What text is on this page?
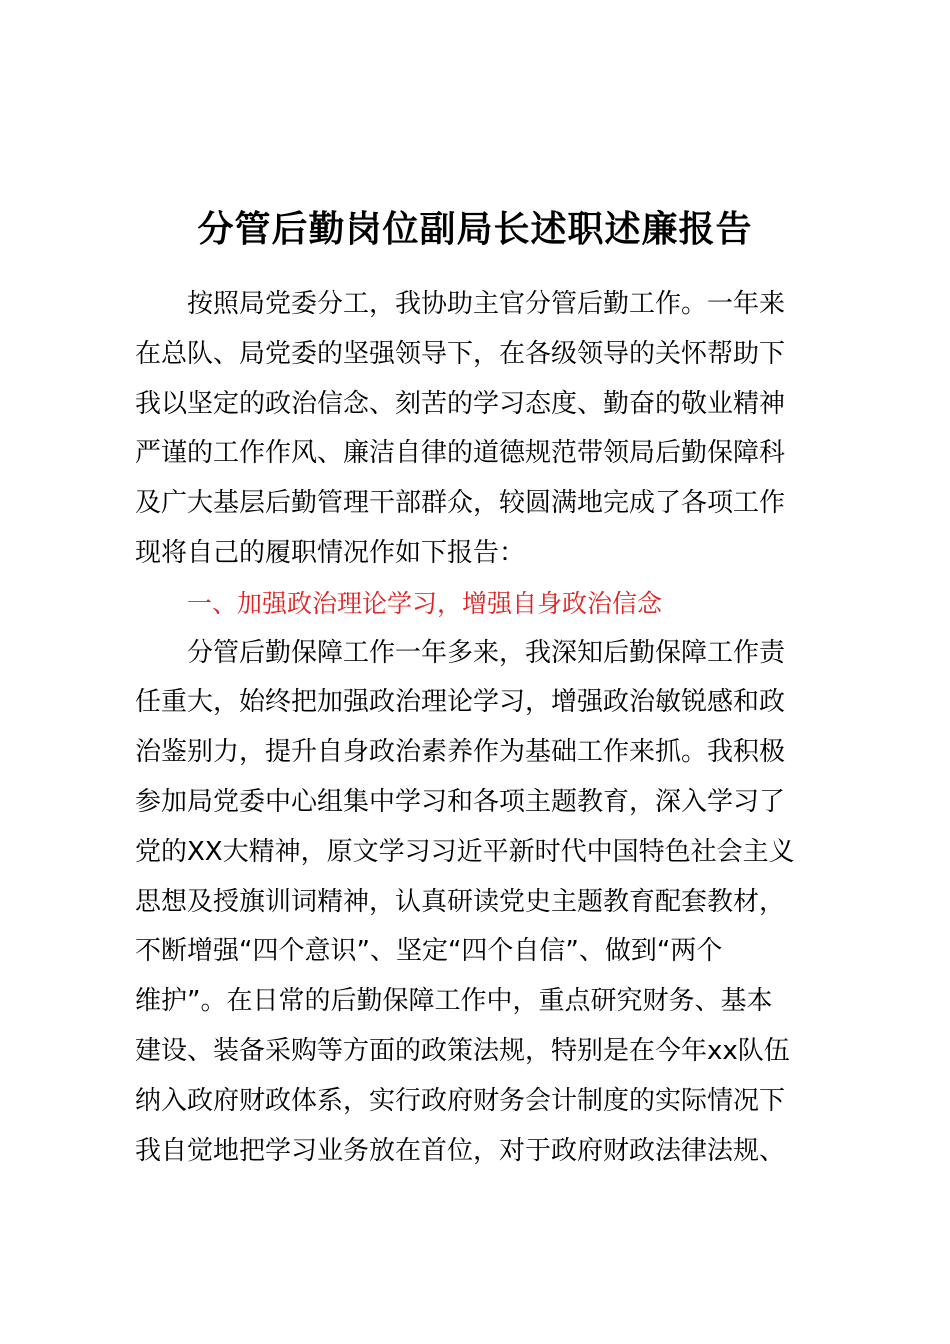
分管后勤岗位副局长述职述廉报告
按照局党委分工，我协助主官分管后勤工作。一年来
在总队、局党委的坚强领导下，在各级领导的关怀帮助下
我以坚定的政治信念、刻苦的学习态度、勤奋的敬业精神
严谨的工作作风、廉洁自律的道德规范带领局后勤保障科
及广大基层后勤管理干部群众，较圆满地完成了各项工作
现将自己的履职情况作如下报告：
一、加强政治理论学习，增强自身政治信念
分管后勤保障工作一年多来，我深知后勤保障工作责
任重大，始终把加强政治理论学习，增强政治敏锐感和政
治鉴别力，提升自身政治素养作为基础工作来抓。我积极
参加局党委中心组集中学习和各项主题教育，深入学习了
党的XX大精神，原文学习习近平新时代中国特色社会主义
思想及授旗训词精神，认真研读党史主题教育配套教材，
不断增强“四个意识”、坚定“四个自信”、做到“两个
维护”。在日常的后勤保障工作中，重点研究财务、基本
建设、装备采购等方面的政策法规，特别是在今年xx队伍
纳入政府财政体系，实行政府财务会计制度的实际情况下
我自觉地把学习业务放在首位，对于政府财政法律法规、
